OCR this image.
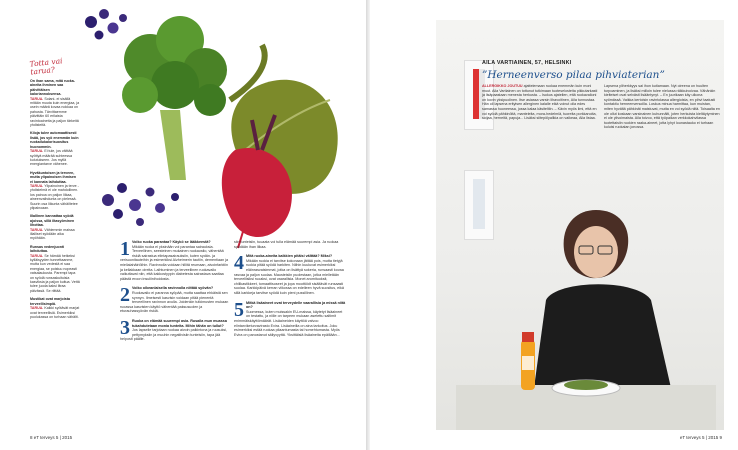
Totta vai tarua?
On ihan sama, mitä ruoka-aineita ihminen saa päivittäisen kaloriannoksensa.
TARUA. Solani- ei sisällä mitään muuta kuin energiaa, ja usein määrä kovaa nokkaa on pahusta. Tärvittaemme päivittäin 60 erilaista ravintoainetta ja paljon tärkeitä yhdisteitä.
Kiloja tulee automaattisesti lisää, jos syö enemmän kuin ruokailukalorisuositus huonommin.
TARUA. Ei tule, jos välttää syöttyä määrää suhteessa kulutukseen. Jos myllä energiantarve vähenee.
Hyväkuntoisen ja terveen, mutta ylipainoisen ihmisen ei kannata laihduttaa.
TARUA. Ylipainoinen ja terve -yhdistelmä ei ole mahdollinen. Ios painoa on paljon liikaa, aineenvaihdunta on pielessä. Suurin osa liikunta vähäiltetee ylipainoaan.
Illallinen kannattaa syödä ajoissa, sillä iltasyöminen lihottaa.
TARUA. Vähiemmin maissa illalliset syödään aika myöhään.
Runsas vedenjuonti laihduttaa.
TARUA. Se hämää hetkeksi kylläisyyden tunnettaanme, mutta kun vedestä ei saa energiaa, se poistuu nopeasti vatsalaukusta. Parempi tapa on syödä runsaskuituisia kasviksia ja paljon kuitua. Vettä tulee juoda kaksi litraa päivässä. Se riittää.
Mustikat ovat marjoista terveellisimpiä.
TARUA. Kaikki syötävät marjat ovat terveellisiä. Esimerkiksi puolukassa on turhaan vähälti.
1 Voiko ruoka parantaa? Käykö se lääkkeestä?
Mikään ruoka ei yksinään voi parantaa sairauksia. Terveellinen, seesteinen mukainen ruokavalio, vähentää riskiä sairastua elintapasairauksiin, kuten sydän- ja verisuonitauteihin ja esimerkiksi Alzheimerin tautiin, dementiaan ja mielialahäiriöihin. Ravinnolla voidaan hillitä reumaan, aivoinfarktiin ja kellakkaan oireita. Laihtuminen ja terveellinen ruokavalio vaikuttavat niin, että kakkostyypin diabetesta sairastava saattaa päästä eroon insuliinihoidosta.
2 Voiko oikeanlaisella ravinnolla niittää syövän?
Ruokavalio ei paranna syöpää, mutta saattaa ehkäistä sen synnyn. Ilmeisesti kasvisin voidaan pitää pienentä terveellinen ravinnon avulla. Joidenkin tutkimusten mukaan ruoassa kasvisten käyttö vähentää paksusuolen ja eturauhassyövän riskiä.
3 Ruoka on elämää suurempi asia. Rusaila mun muassa tukahdutetaan monia tunteita. Mihin tähän on tullut?
Jos lapselle tarjotaan ruokaa aivoin palkintona ja ruusuksi, pettymyksiin ja muuhin negatiivisiin tunteisiin, tapa jää helposti päälle.
siin tunteisiin, tuuaata voi tulla elämää suurempi asia. Ja ruokaa syödään ihan liikaa.
4 Mitä ruoka-aineita kaikkien pitäisi välttää? Miksi?
Mikään ruokia ei tarvitse kokonaan jättää pois, mutta tietyjä ruokia pitää syödä harkiten. Niihin kuuluvat esimerkiksi eläinrasvaisimmat, jotka on lisättyä sokeria, runsaasti kovaa rasvaa ja paljon suolaa. Mausteisiin puolestaan, jotka mielletään terveellisiksi ruoaksi, ovat vaarallisia. Monet aromituoksit, chilikastikkeet, tomaattisoseet ja jopa moottöidt sisältävät runsaasti suolaa. Karkkipäivä kerran viikossa on edelleen hyvä suositus, eikä sillä karkkeja tarvitse syödä kuin pieni pussillinen.
5 Mitkä lisäaineet ovat terveydelle vaarallisia ja missä niitä on?
Suomessa, kuten muissakin EU-maissa, käytetyt lisäaineet on testattu, ja niille on tarpeen mukaan asetettu saltimit enimmäiskäyttömäärät. Lisäaineiden käyttöä valvoo elintarviketurvavirasto Evira. Lisäaineilla on aina tarkoitus. Joku esimerkiksi estää ruokaa pilaantumasta tai homehtumasta. Myös Evira on panostanut säilyvyyttä. Yksittäisiä lisäaineita epäillään...
8 eT terveys 5 | 2015
AILA VARTIAINEN, 57, HELSINKI
”Herneenverso pilaa pihviaterian”
ALLERGIKKO JOUTUU ajattelemaan ruokaa enemmän kuin moni muut. Aila Vartiainen on tottunut tutkimaan tuoteselosteita pikkutarkasti ja lisäpaastaan menesta herkusta. – Isokus ajatellen, että ruokavalioni on kovin yksipuolinen. Itse asiassa varsin lihavoitinen, Aila tunnustaa. Hän oli lapsena erityisen allerginen kalalle eikä voinut olla edes samassa huoneessa, jossa kalaa käsiteltiin. – Kävin myös ilmi, että en voi syödä pähkinöitä, manteleita, mora-hedelmiä, tuoreita porkkanoita, soijaa, herneitä, papuja... Lisäksi siitepölyallkia on vaikeaa, Aila listaa.
Lapsena yliherkkyys sai ihon kutiamaan. Nyt oireena on huulten turpoaminen, ja lisäksi milloin tulee nielussa räikkuivoivaa. Vähänkin kielteiset ovat selvästi lisääntynyt. – En juurikaan käy ulkona syömässä. Vaikka kertoisin ravintolassa allergioista, en pihvi taatusti kontaktiu herneenversoilla. Loskus minua harmittaa, kun muistan, miten hyvältä pähkinät maistuvat, mutta en voi syödä niitä. Toisaalta en ole ollut koskaan varsinainen kuhunnälti, joten herkuista kieltäytyminen ei ole ylivoimaista. Aila toivoo, että työpaikan verkkokahvilassa tuotettaisiin ruokien raaka-aineet, jotta lyhyt lounastauko ei turhaan kuluisi ruokalan jonossa.
eT terveys 5 | 2015 9
